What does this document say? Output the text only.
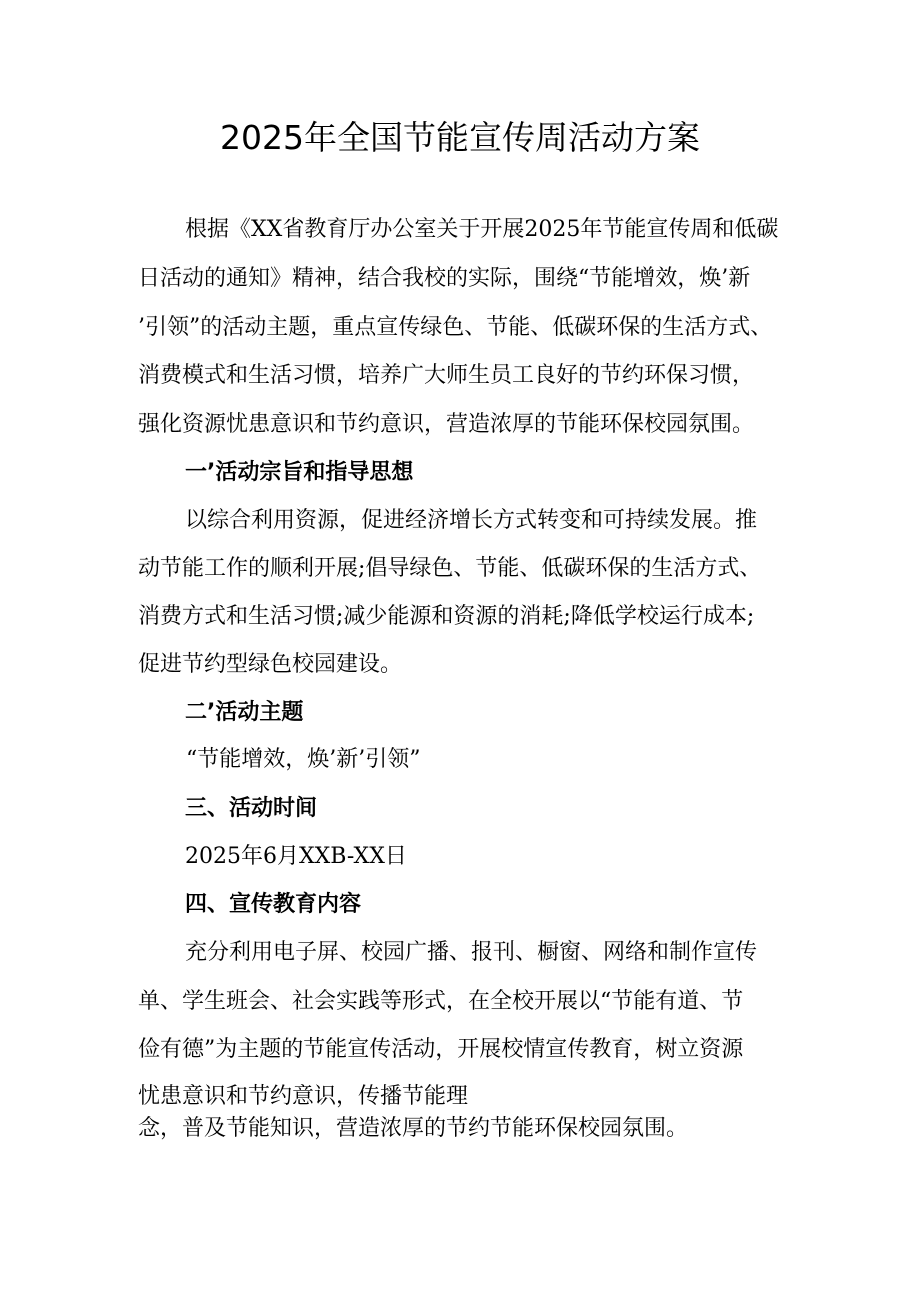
2025年全国节能宣传周活动方案
根据《XX省教育厅办公室关于开展2025年节能宣传周和低碳
日活动的通知》精神，结合我校的实际，围绕“节能增效，焕’新
’引领”的活动主题，重点宣传绿色、节能、低碳环保的生活方式、
消费模式和生活习惯，培养广大师生员工良好的节约环保习惯，
强化资源忧患意识和节约意识，营造浓厚的节能环保校园氛围。
一’活动宗旨和指导思想
以综合利用资源，促进经济增长方式转变和可持续发展。推
动节能工作的顺利开展;倡导绿色、节能、低碳环保的生活方式、
消费方式和生活习惯;减少能源和资源的消耗;降低学校运行成本;
促进节约型绿色校园建设。
二’活动主题
“节能增效，焕’新’引领”
三、活动时间
2025年6月XXB-XX日
四、宣传教育内容
充分利用电子屏、校园广播、报刊、橱窗、网络和制作宣传
单、学生班会、社会实践等形式，在全校开展以“节能有道、节
俭有德”为主题的节能宣传活动，开展校情宣传教育，树立资源
忧患意识和节约意识，传播节能理
念，普及节能知识，营造浓厚的节约节能环保校园氛围。
